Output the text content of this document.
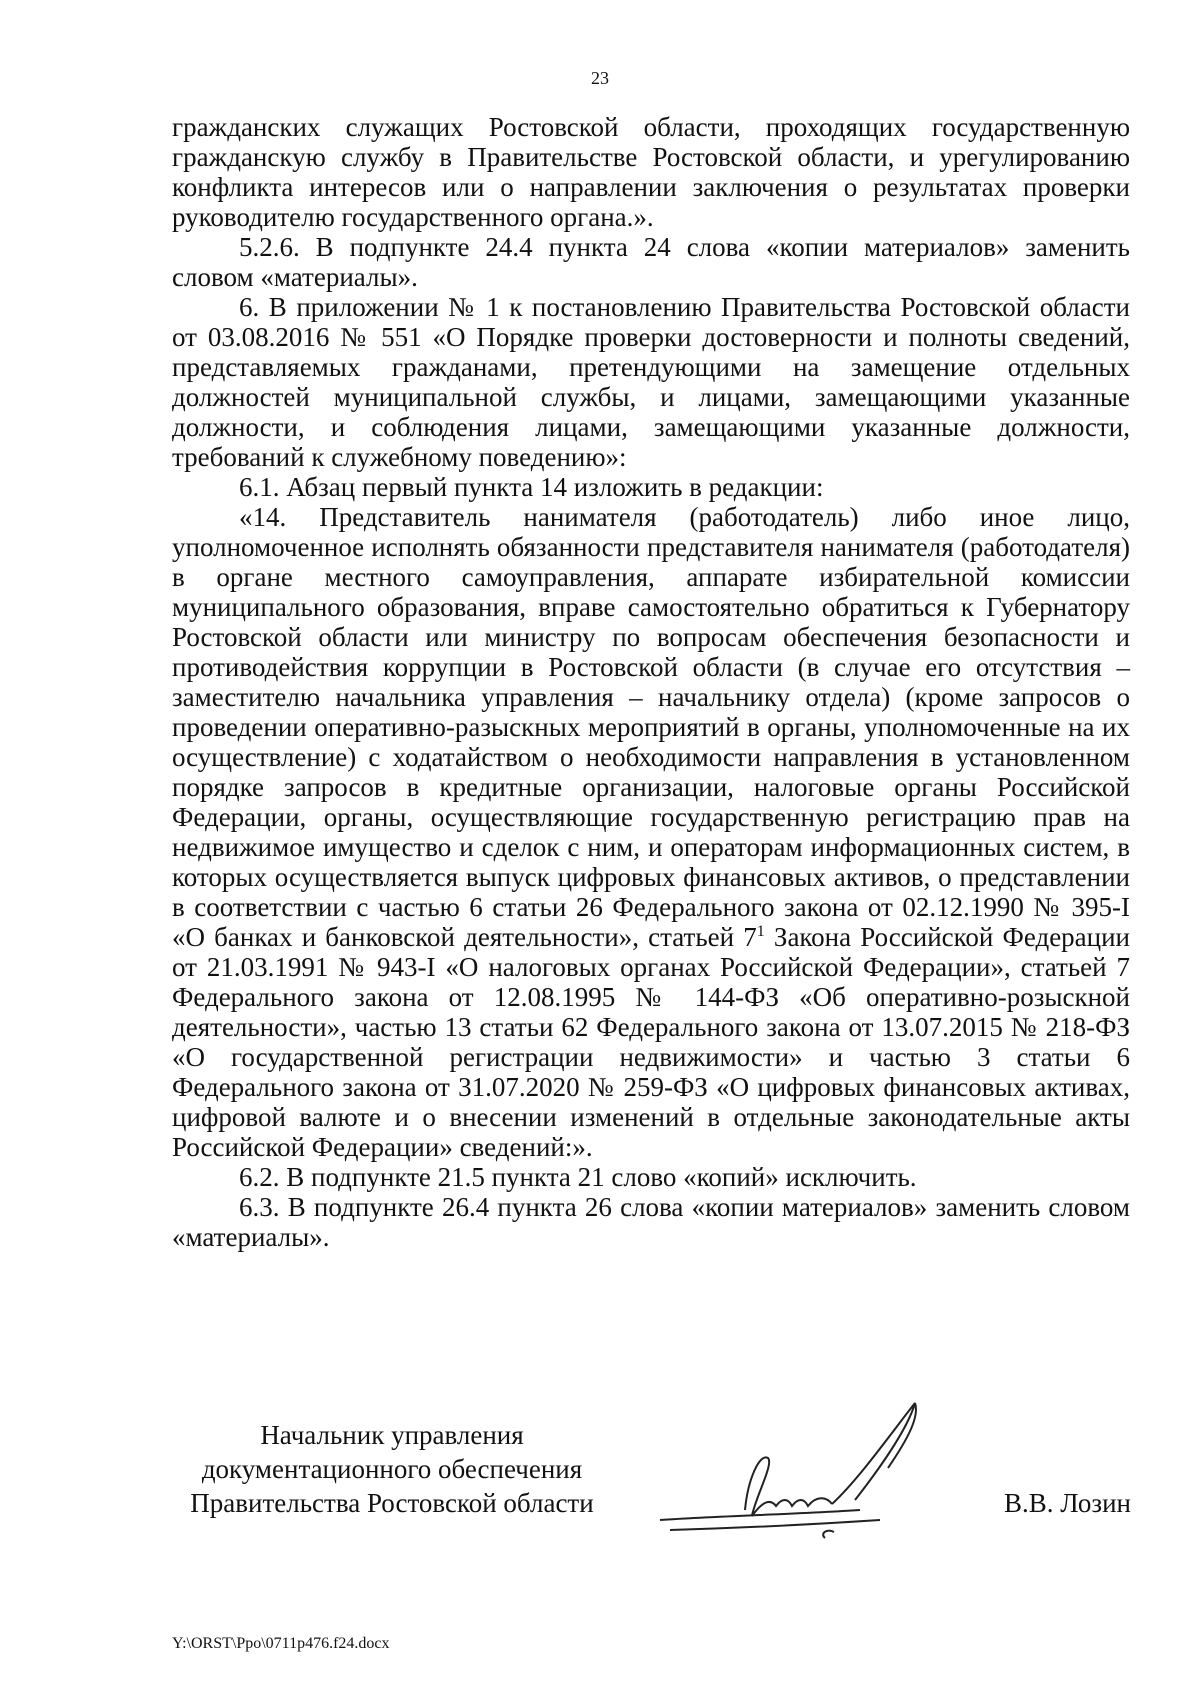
23

гражданских служащих Ростовской области, проходящих государственную гражданскую службу в Правительстве Ростовской области, и урегулированию конфликта интересов или о направлении заключения о результатах проверки руководителю государственного органа.».

5.2.6. В подпункте 24.4 пункта 24 слова «копии материалов» заменить словом «материалы».

6. В приложении № 1 к постановлению Правительства Ростовской области от 03.08.2016 № 551 «О Порядке проверки достоверности и полноты сведений, представляемых гражданами, претендующими на замещение отдельных должностей муниципальной службы, и лицами, замещающими указанные должности, и соблюдения лицами, замещающими указанные должности, требований к служебному поведению»:

6.1. Абзац первый пункта 14 изложить в редакции:

«14. Представитель нанимателя (работодатель) либо иное лицо, уполномоченное исполнять обязанности представителя нанимателя (работодателя) в органе местного самоуправления, аппарате избирательной комиссии муниципального образования, вправе самостоятельно обратиться к Губернатору Ростовской области или министру по вопросам обеспечения безопасности и противодействия коррупции в Ростовской области (в случае его отсутствия – заместителю начальника управления – начальнику отдела) (кроме запросов о проведении оперативно-разыскных мероприятий в органы, уполномоченные на их осуществление) с ходатайством о необходимости направления в установленном порядке запросов в кредитные организации, налоговые органы Российской Федерации, органы, осуществляющие государственную регистрацию прав на недвижимое имущество и сделок с ним, и операторам информационных систем, в которых осуществляется выпуск цифровых финансовых активов, о представлении в соответствии с частью 6 статьи 26 Федерального закона от 02.12.1990 № 395-I «О банках и банковской деятельности», статьей $7^1$ Закона Российской Федерации от 21.03.1991 № 943-I «О налоговых органах Российской Федерации», статьей 7 Федерального закона от 12.08.1995 № 144-ФЗ «Об оперативно-розыскной деятельности», частью 13 статьи 62 Федерального закона от 13.07.2015 № 218-ФЗ «О государственной регистрации недвижимости» и частью 3 статьи 6 Федерального закона от 31.07.2020 № 259-ФЗ «О цифровых финансовых активах, цифровой валюте и о внесении изменений в отдельные законодательные акты Российской Федерации» сведений:».

6.2. В подпункте 21.5 пункта 21 слово «копий» исключить.

6.3. В подпункте 26.4 пункта 26 слова «копии материалов» заменить словом «материалы».

Начальник управления
документационного обеспечения
Правительства Ростовской области	В.В. Лозин
Y:\ORST\Ppo\0711p476.f24.docx
